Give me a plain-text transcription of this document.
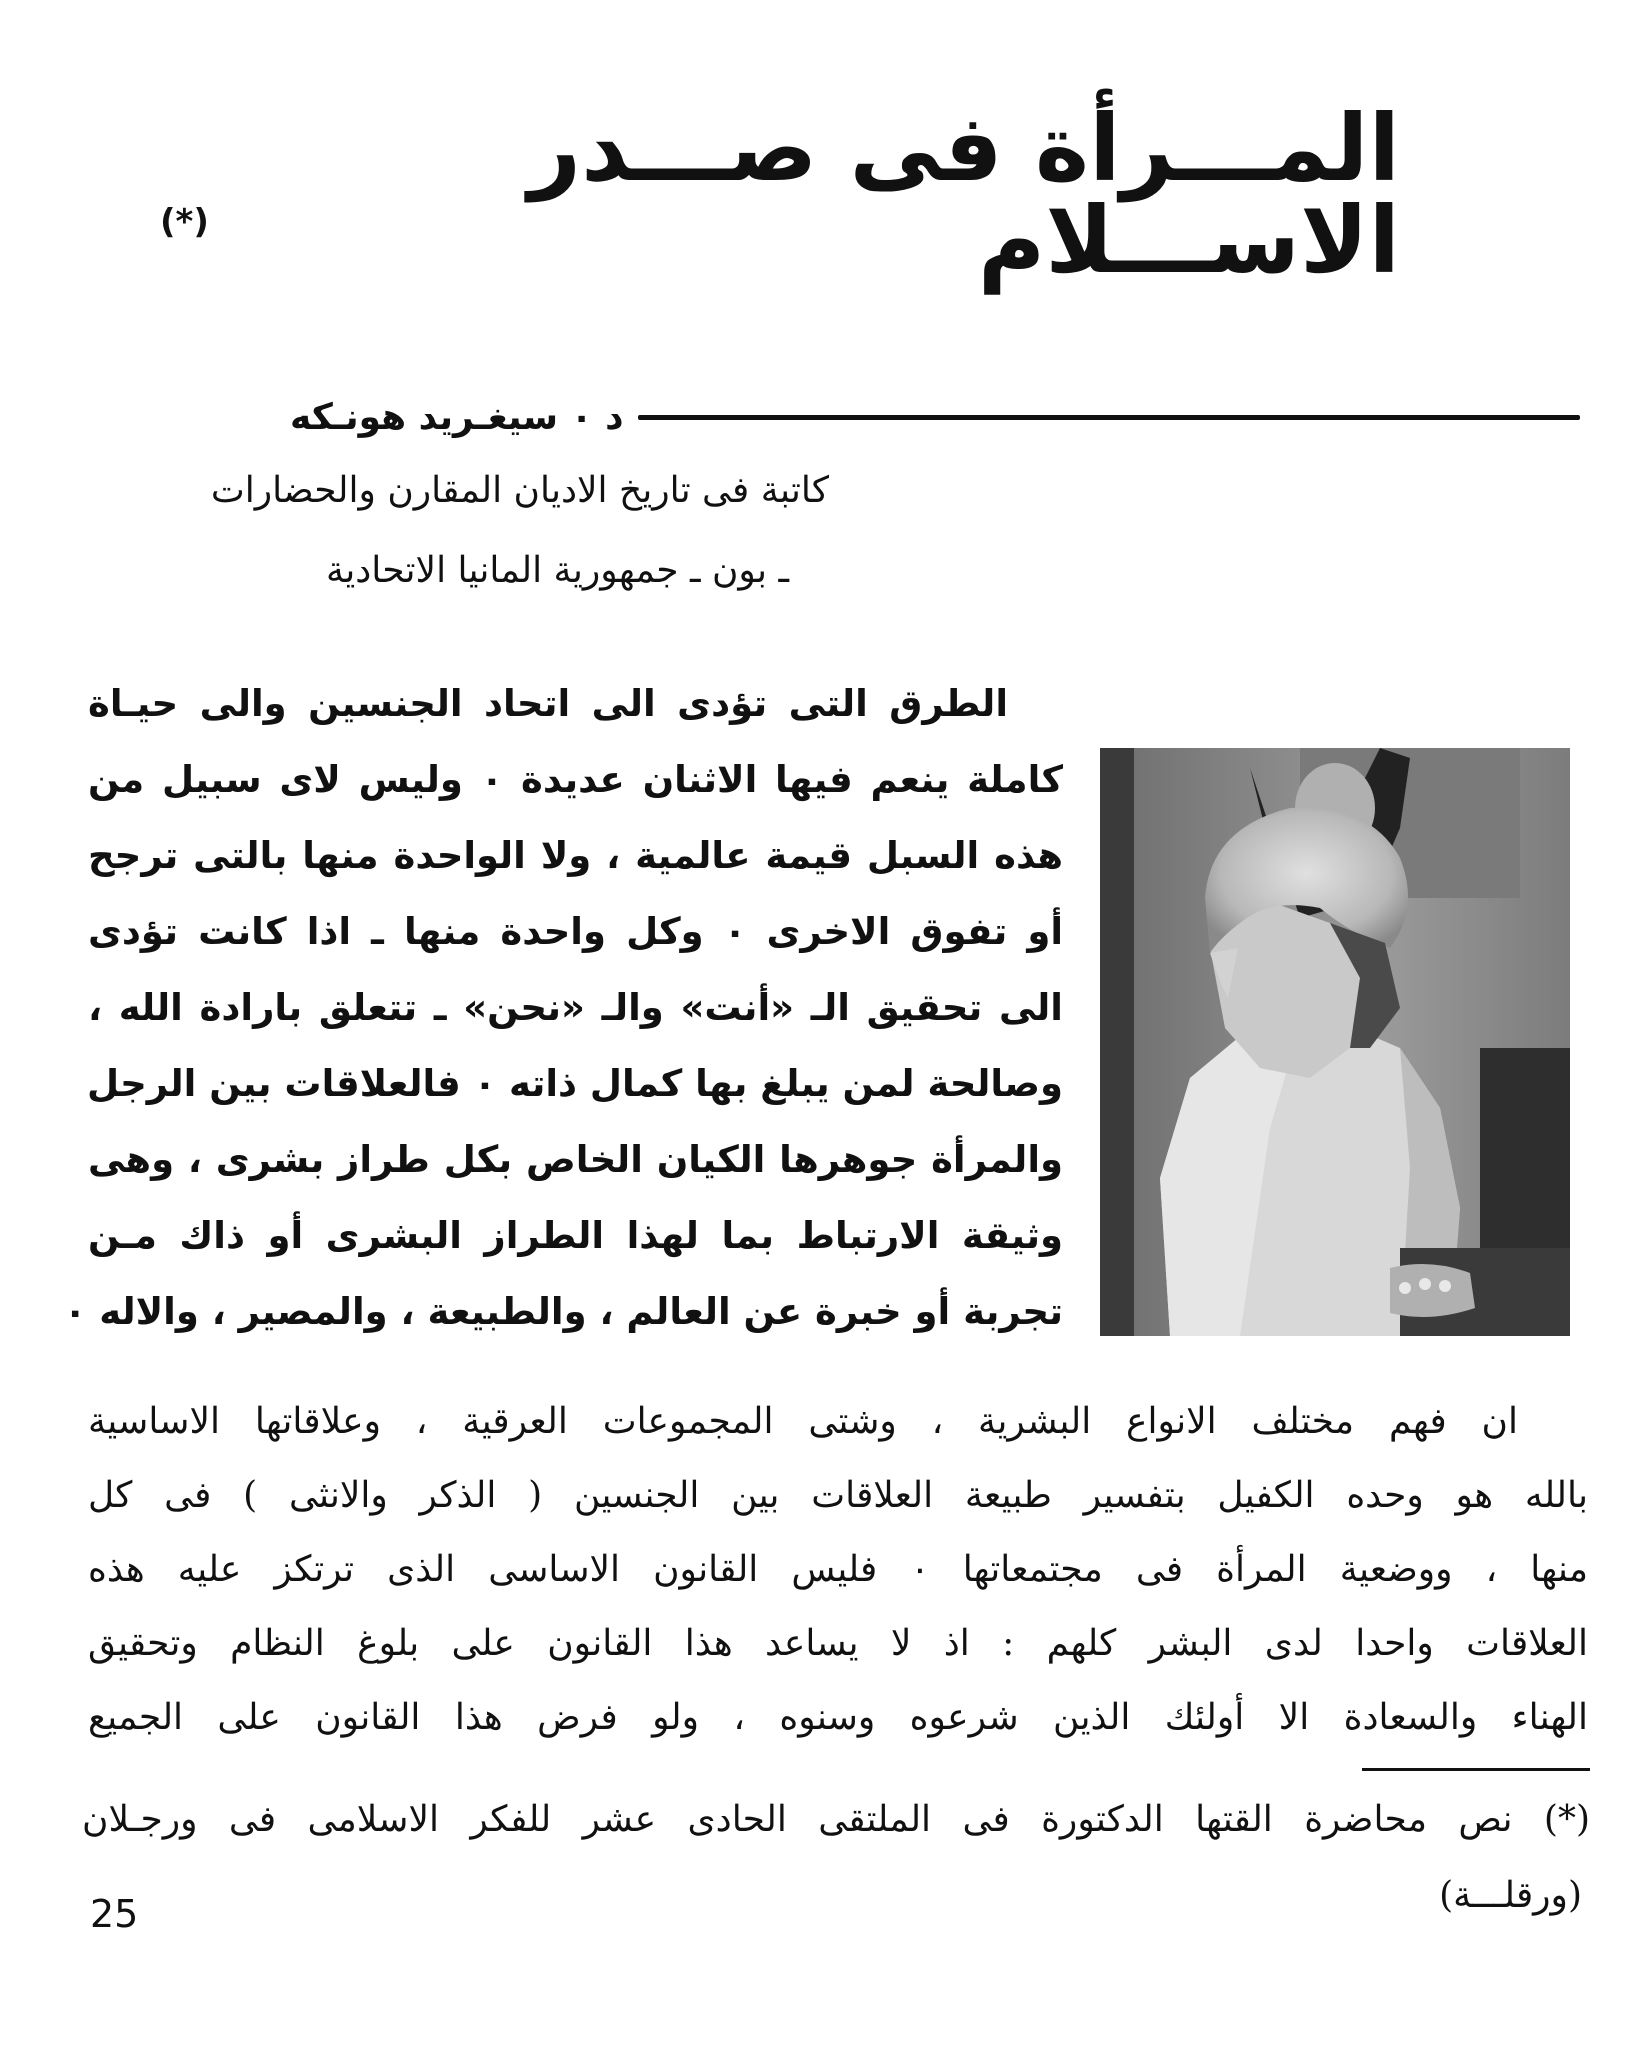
المـــرأة فى صـــدر الاســـلام
(*)
د ٠ سيغـريد هونـكه
كاتبة فى تاريخ الاديان المقارن والحضارات
ـ بون ـ جمهورية المانيا الاتحادية
الطرق التى تؤدى الى اتحاد الجنسين والى حيـاة
كاملة ينعم فيها الاثنان عديدة ٠ وليس لاى سبيل من
هذه السبل قيمة عالمية ، ولا الواحدة منها بالتى ترجح
أو تفوق الاخرى ٠ وكل واحدة منها ـ اذا كانت تؤدى
الى تحقيق الـ «أنت» والـ «نحن» ـ تتعلق بارادة الله ،
وصالحة لمن يبلغ بها كمال ذاته ٠ فالعلاقات بين الرجل
والمرأة جوهرها الكيان الخاص بكل طراز بشرى ، وهى
وثيقة الارتباط بما لهذا الطراز البشرى أو ذاك مـن
تجربة أو خبرة عن العالم ، والطبيعة ، والمصير ، والاله ٠
ان فهم مختلف الانواع البشرية ، وشتى المجموعات العرقية ، وعلاقاتها الاساسية
بالله هو وحده الكفيل بتفسير طبيعة العلاقات بين الجنسين ( الذكر والانثى ) فى كل
منها ، ووضعية المرأة فى مجتمعاتها ٠ فليس القانون الاساسى الذى ترتكز عليه هذه
العلاقات واحدا لدى البشر كلهم : اذ لا يساعد هذا القانون على بلوغ النظام وتحقيق
الهناء والسعادة الا أولئك الذين شرعوه وسنوه ، ولو فرض هذا القانون على الجميع
(*) نص محاضرة القتها الدكتورة فى الملتقى الحادى عشر للفكر الاسلامى فى ورجـلان
(ورقلـــة)
25
